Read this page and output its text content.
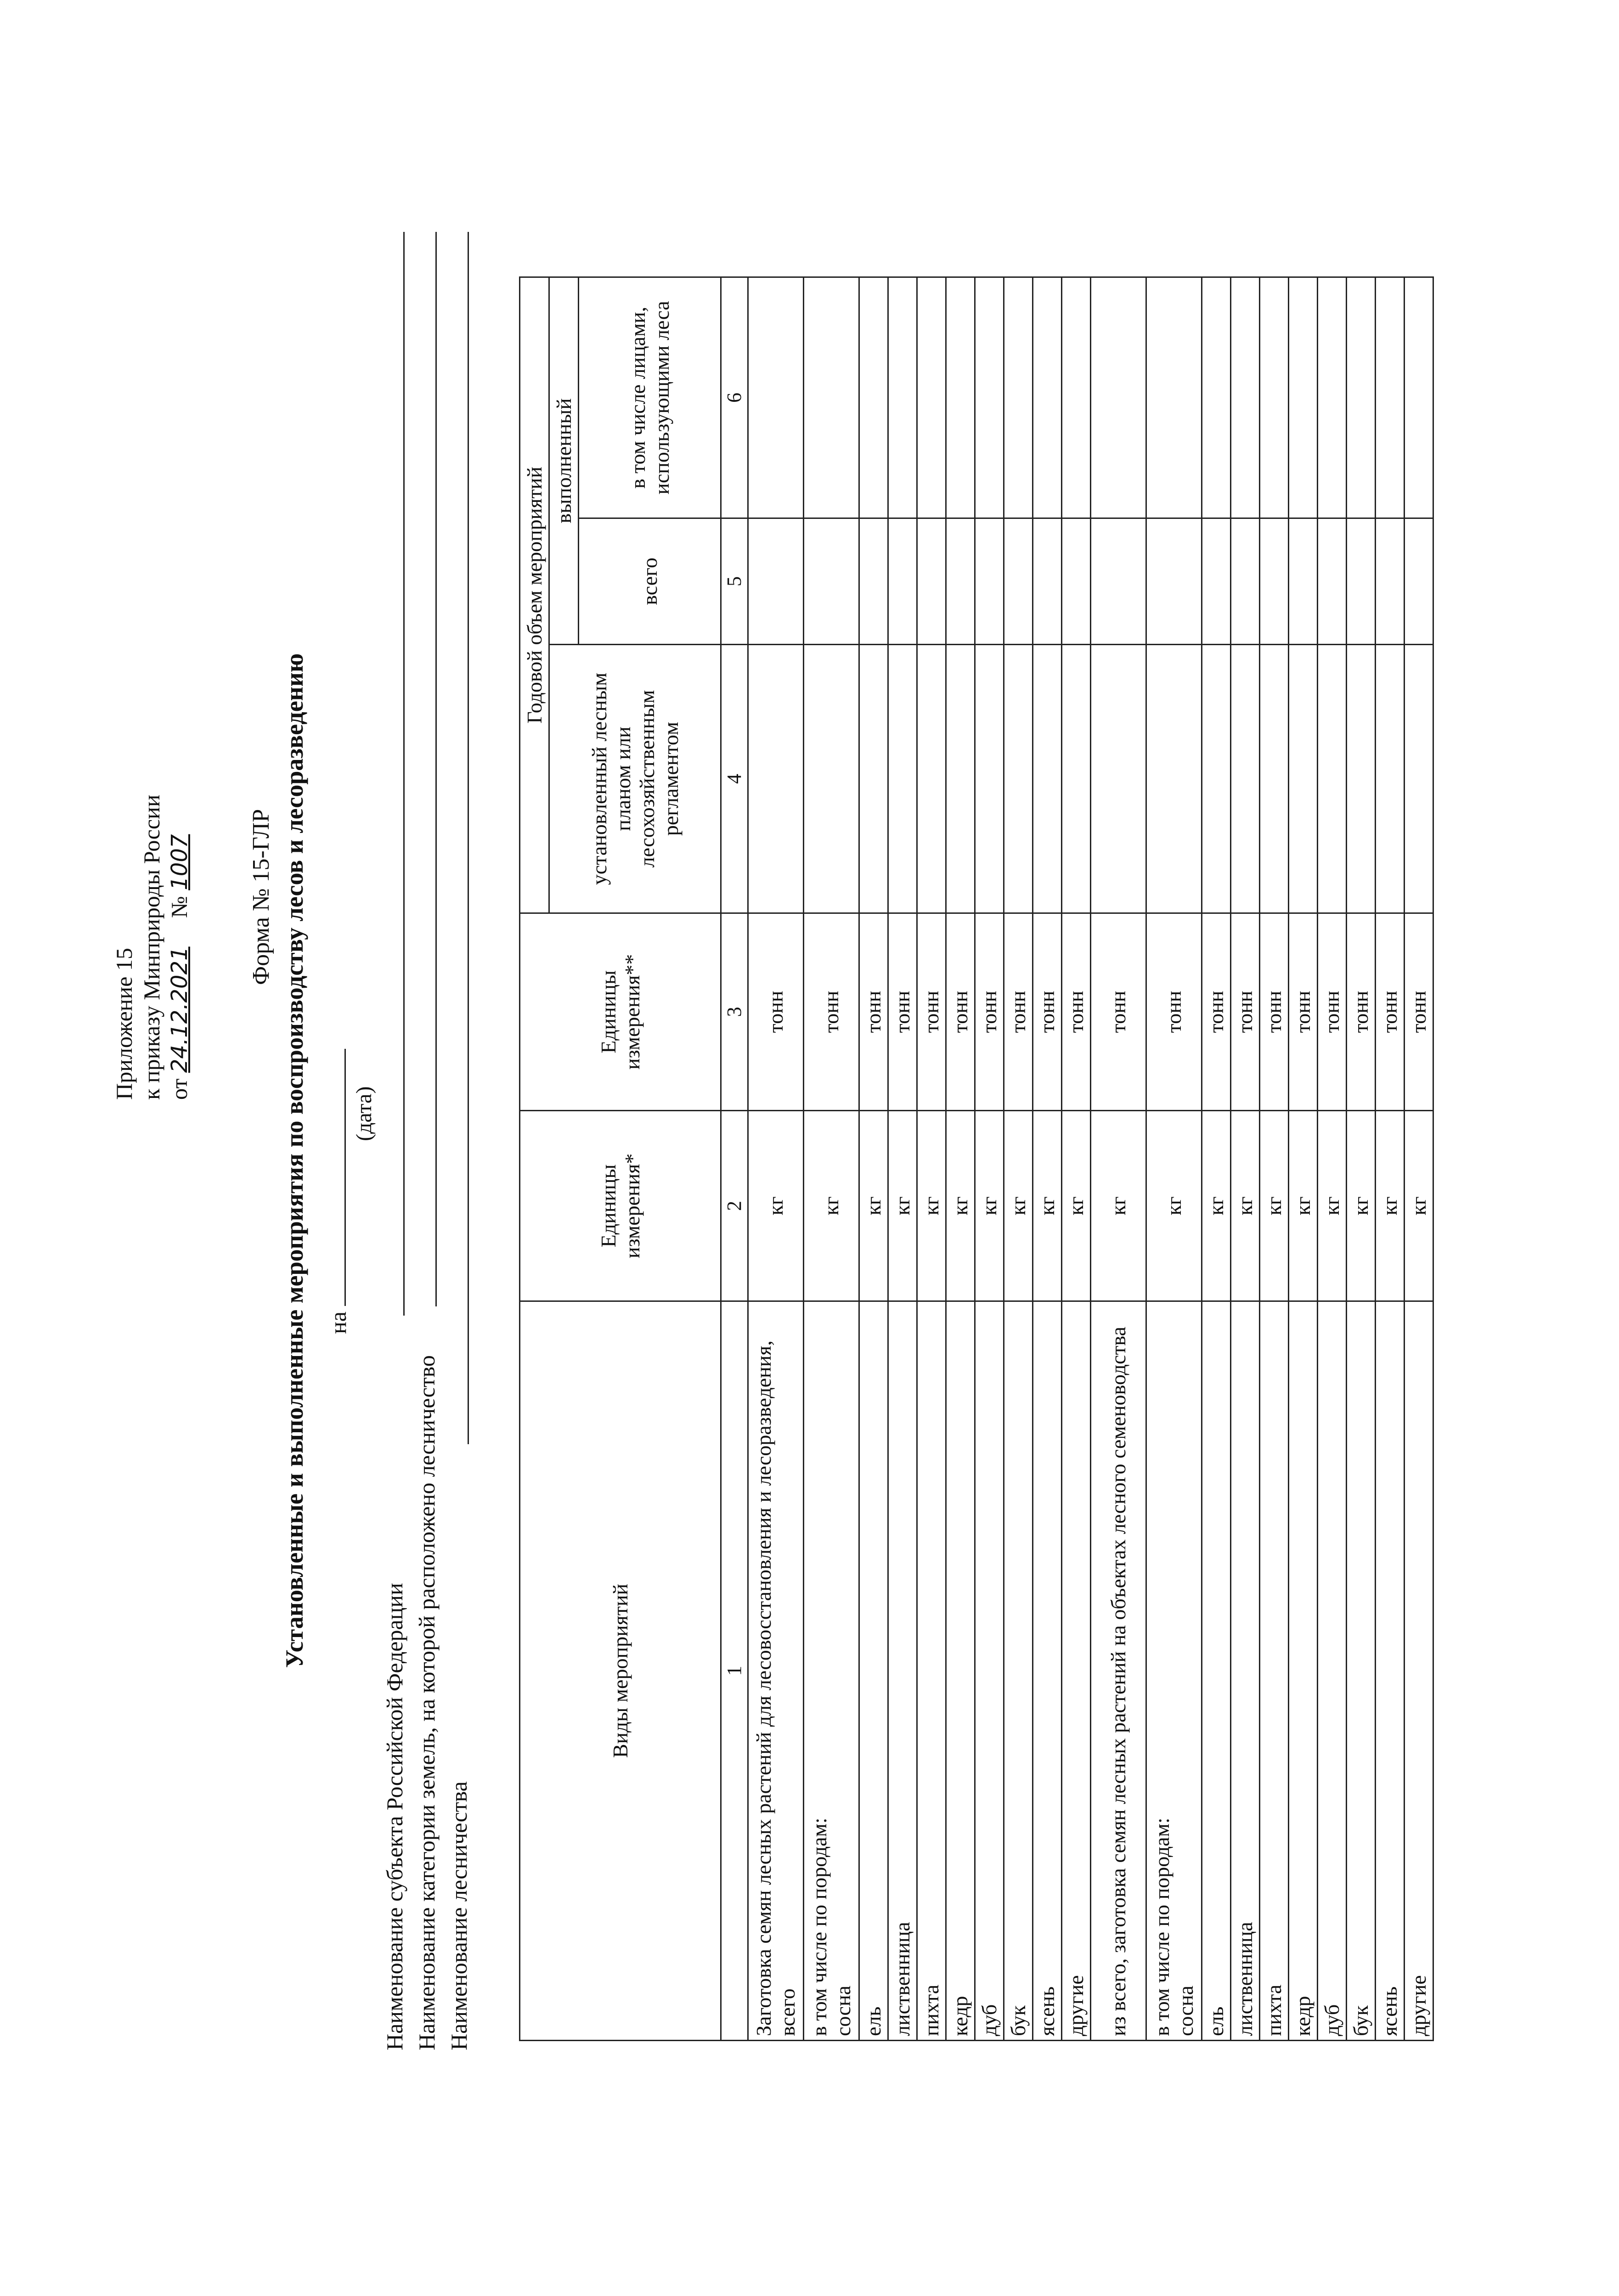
Приложение 15 к приказу Минприроды России от 24.12.2021     № 1007 Форма № 15-ГЛР Установленные и выполненные мероприятия по воспроизводству лесов и лесоразведению на
(дата)
Наименование субъекта Российской Федерации Наименование категории земель, на которой расположено лесничество Наименование лесничества
Виды мероприятий	Единицы измерения*	Единицы измерения**	Годовой объем мероприятий		
			установленный лесным планом или лесохозяйственным регламентом	выполненный	
				всего	в том числе лицами, использующими леса
1	2	3	4	5	6

Заготовка семян лесных растений для лесовосстановления и лесоразведения, всего	кг	тонн			

в том числе по породам: сосна	кг	тонн			

ель	кг	тонн			

лиственница	кг	тонн			

пихта	кг	тонн			

кедр	кг	тонн			

дуб	кг	тонн			

бук	кг	тонн			

ясень	кг	тонн			

другие	кг	тонн			

из всего, заготовка семян лесных растений на объектах лесного семеноводства	кг	тонн			

в том числе по породам: сосна	кг	тонн			

ель	кг	тонн			

лиственница	кг	тонн			

пихта	кг	тонн			

кедр	кг	тонн			

дуб	кг	тонн			

бук	кг	тонн			

ясень	кг	тонн			

другие	кг	тонн			
